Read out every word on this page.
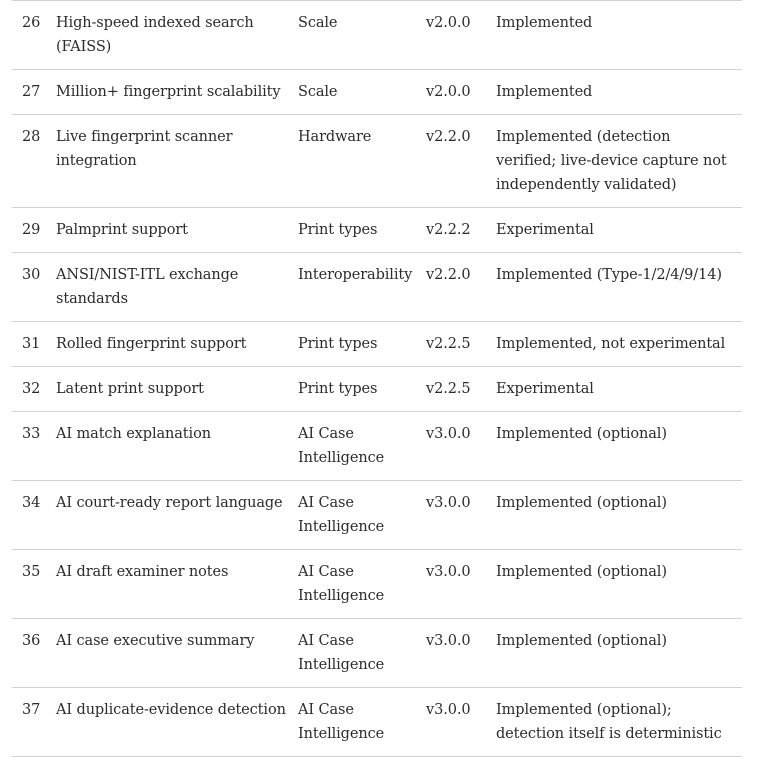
26	High-speed indexed search (FAISS)	Scale	v2.0.0	Implemented
27	Million+ fingerprint scalability	Scale	v2.0.0	Implemented
28	Live fingerprint scanner integration	Hardware	v2.2.0	Implemented (detection verified; live-device capture not independently validated)
29	Palmprint support	Print types	v2.2.2	Experimental
30	ANSI/NIST-ITL exchange standards	Interoperability	v2.2.0	Implemented (Type-1/2/4/9/14)
31	Rolled fingerprint support	Print types	v2.2.5	Implemented, not experimental
32	Latent print support	Print types	v2.2.5	Experimental
33	AI match explanation	AI Case Intelligence	v3.0.0	Implemented (optional)
34	AI court-ready report language	AI Case Intelligence	v3.0.0	Implemented (optional)
35	AI draft examiner notes	AI Case Intelligence	v3.0.0	Implemented (optional)
36	AI case executive summary	AI Case Intelligence	v3.0.0	Implemented (optional)
37	AI duplicate-evidence detection	AI Case Intelligence	v3.0.0	Implemented (optional); detection itself is deterministic
